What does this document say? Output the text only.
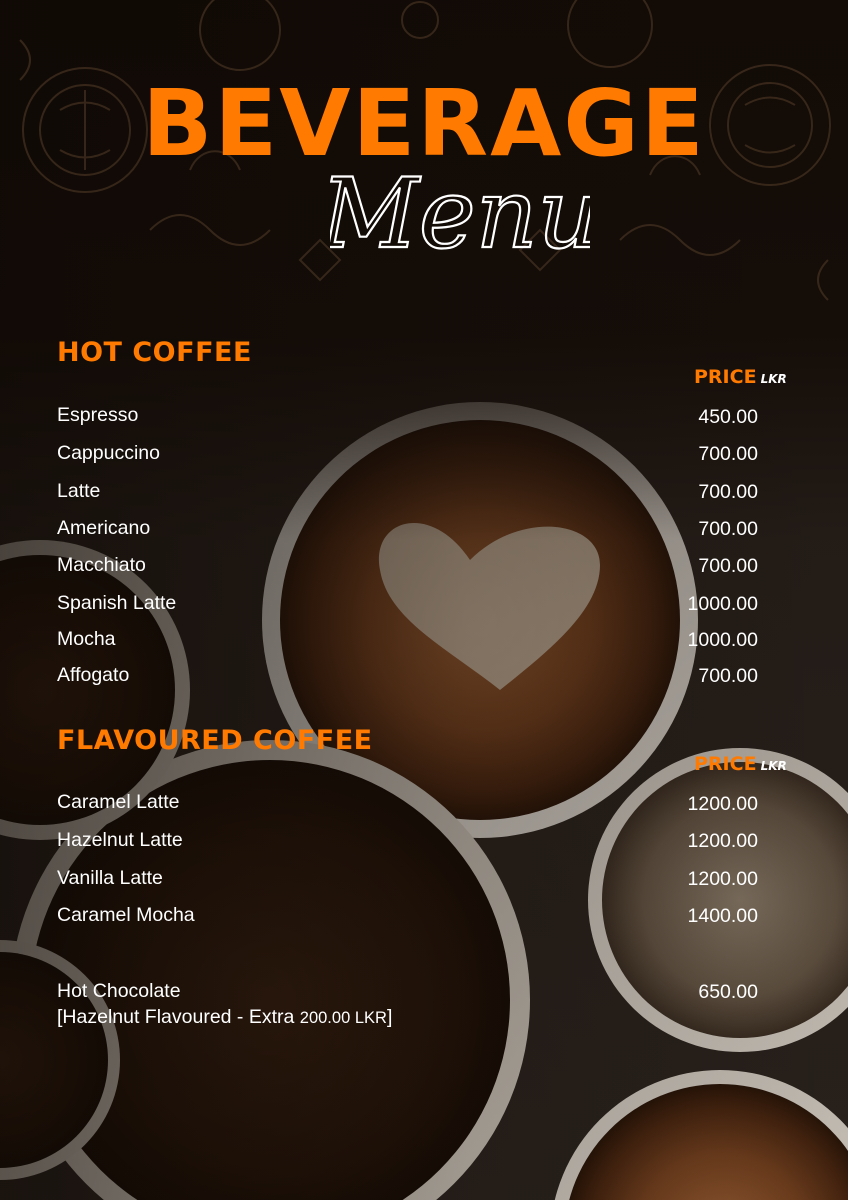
BEVERAGE
Menu
HOT COFFEE
PRICE LKR
Espresso	450.00
Cappuccino	700.00
Latte	700.00
Americano	700.00
Macchiato	700.00
Spanish Latte	1000.00
Mocha	1000.00
Affogato	700.00
FLAVOURED COFFEE
PRICE LKR
Caramel Latte	1200.00
Hazelnut Latte	1200.00
Vanilla Latte	1200.00
Caramel Mocha	1400.00
Hot Chocolate	650.00
[Hazelnut Flavoured - Extra 200.00 LKR]
